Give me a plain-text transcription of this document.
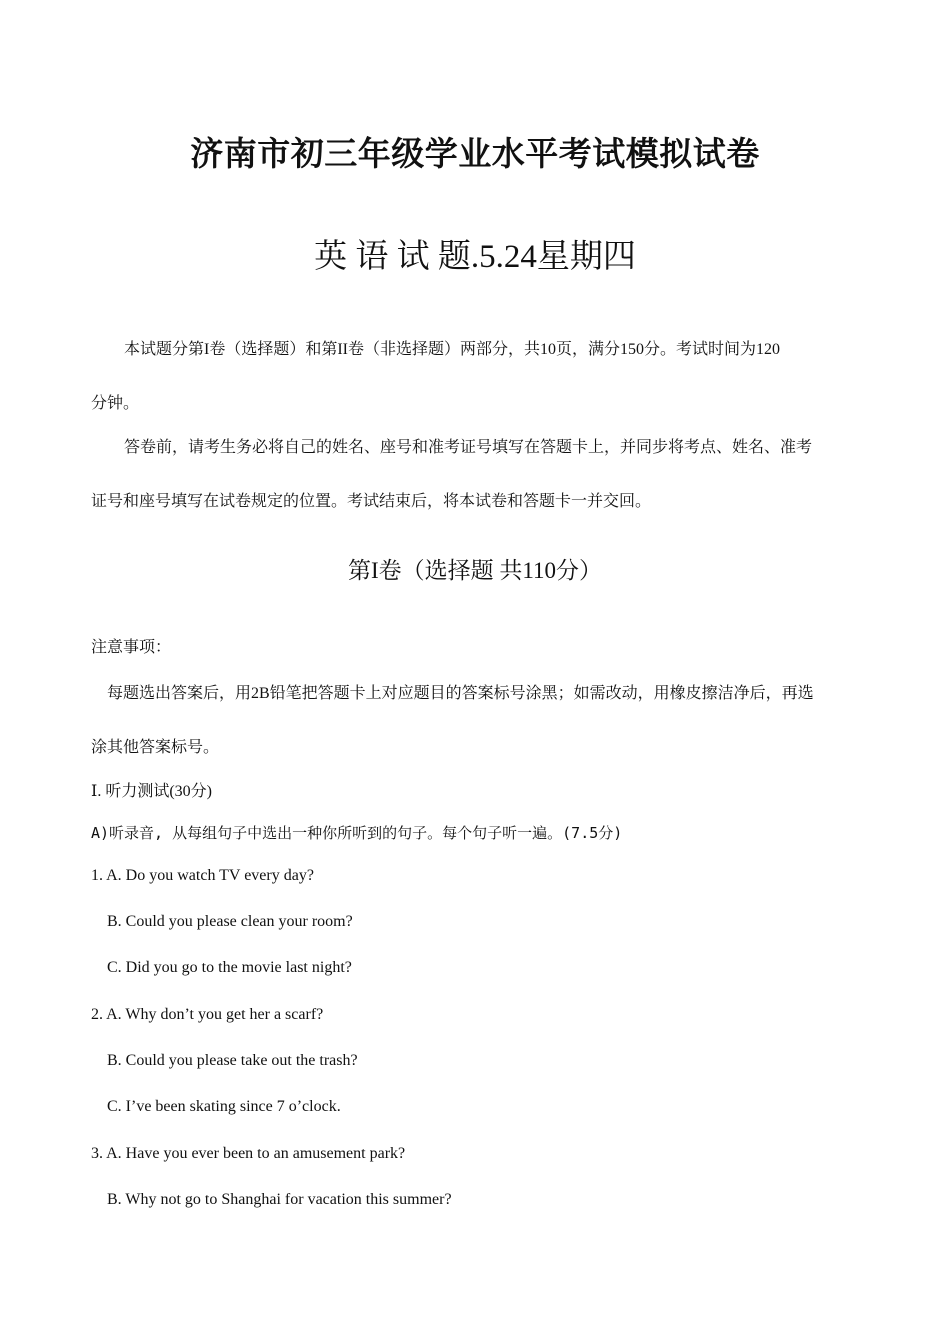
济南市初三年级学业水平考试模拟试卷
英 语 试 题.5.24星期四
本试题分第I卷（选择题）和第II卷（非选择题）两部分，共10页，满分150分。考试时间为120
分钟。
答卷前，请考生务必将自己的姓名、座号和准考证号填写在答题卡上，并同步将考点、姓名、准考
证号和座号填写在试卷规定的位置。考试结束后，将本试卷和答题卡一并交回。
第I卷（选择题 共110分）
注意事项：
每题选出答案后，用2B铅笔把答题卡上对应题目的答案标号涂黑；如需改动，用橡皮擦洁净后，再选
涂其他答案标号。
Ⅰ. 听力测试(30分)
A)听录音, 从每组句子中选出一种你所听到的句子。每个句子听一遍。(7.5分)
1. A. Do you watch TV every day?
B. Could you please clean your room?
C. Did you go to the movie last night?
2. A. Why don’t you get her a scarf?
B. Could you please take out the trash?
C. I’ve been skating since 7 o’clock.
3. A. Have you ever been to an amusement park?
B. Why not go to Shanghai for vacation this summer?
